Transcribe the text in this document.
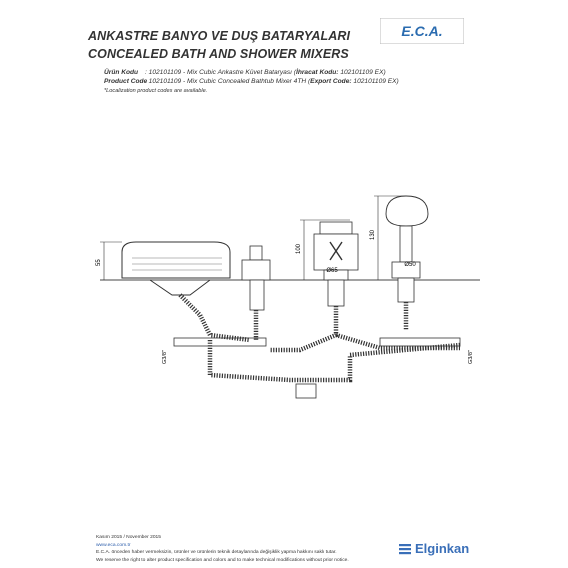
ANKASTRE BANYO VE DUŞ BATARYALARI
CONCEALED BATH AND SHOWER MIXERS
E.C.A.
Ürün Kodu : 102101109 - Mix Cubic Ankastre Küvet Bataryası (İhracat Kodu: 102101109 EX)
Product Code: 102101109 - Mix Cubic Concealed Bathtub Mixer 4TH (Export Code: 102101109 EX)
*Localization product codes are available.
55
Ø65
100
Ø50
130
G3/8"	G3/8"
Kasım 2015 / November 2015
www.eca.com.tr
E.C.A. önceden haber vermeksizin, ürünler ve ürünlerin teknik detaylarında değişiklik yapma hakkını saklı tutar.
We reserve the right to alter product specification and colors and to make technical modifications without prior notice.
Elginkan
